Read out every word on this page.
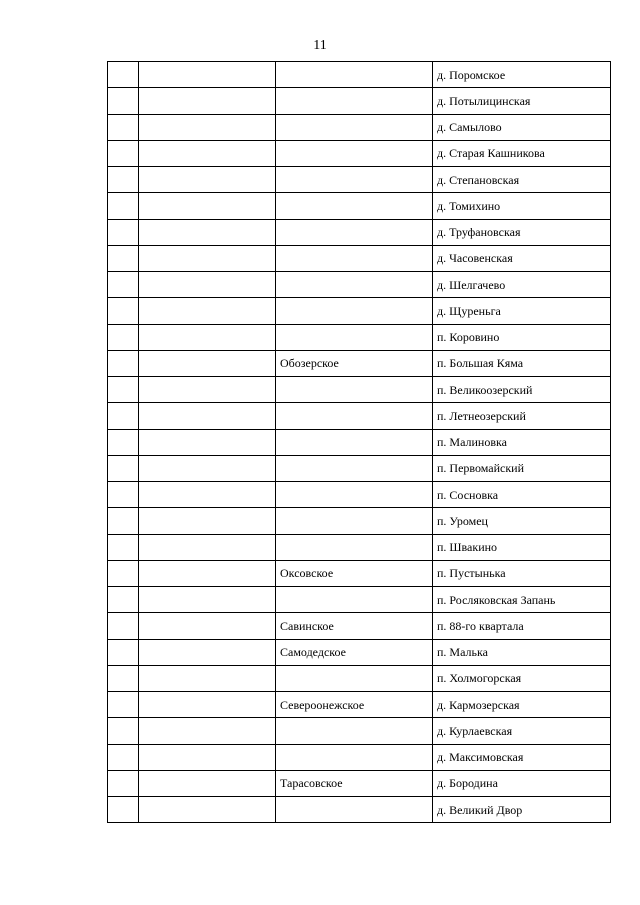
11
			д. Поромское
			д. Потылицинская
			д. Самылово
			д. Старая Кашникова
			д. Степановская
			д. Томихино
			д. Труфановская
			д. Часовенская
			д. Шелгачево
			д. Щуреньга
			п. Коровино
		Обозерское	п. Большая Кяма
			п. Великоозерский
			п. Летнеозерский
			п. Малиновка
			п. Первомайский
			п. Сосновка
			п. Уромец
			п. Швакино
		Оксовское	п. Пустынька
			п. Росляковская Запань
		Савинское	п. 88-го квартала
		Самодедское	п. Малька
			п. Холмогорская
		Североонежское	д. Кармозерская
			д. Курлаевская
			д. Максимовская
		Тарасовское	д. Бородина
			д. Великий Двор
